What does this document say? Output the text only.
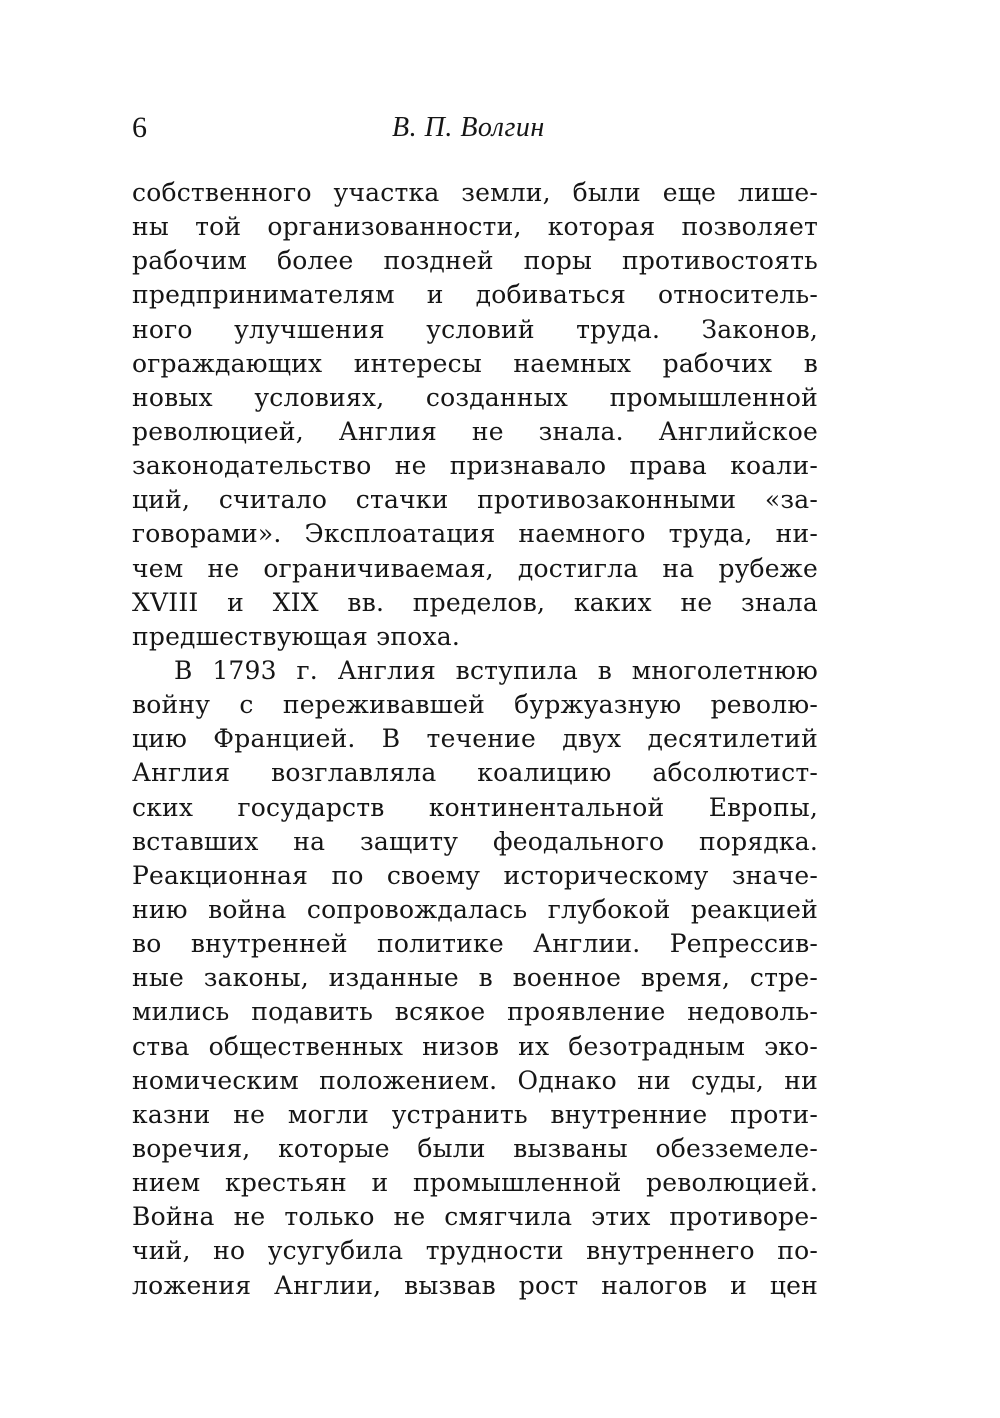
6	В. П. Волгин
собственного участка земли, были еще лише-
ны той организованности, которая позволяет
рабочим более поздней поры противостоять
предпринимателям и добиваться относитель-
ного улучшения условий труда. Законов,
ограждающих интересы наемных рабочих в
новых условиях, созданных промышленной
революцией, Англия не знала. Английское
законодательство не признавало права коали-
ций, считало стачки противозаконными «за-
говорами». Эксплоатация наемного труда, ни-
чем не ограничиваемая, достигла на рубеже
XVIII и XIX вв. пределов, каких не знала
предшествующая эпоха.
В 1793 г. Англия вступила в многолетнюю
войну с переживавшей буржуазную револю-
цию Францией. В течение двух десятилетий
Англия возглавляла коалицию абсолютист-
ских государств континентальной Европы,
вставших на защиту феодального порядка.
Реакционная по своему историческому значе-
нию война сопровождалась глубокой реакцией
во внутренней политике Англии. Репрессив-
ные законы, изданные в военное время, стре-
мились подавить всякое проявление недоволь-
ства общественных низов их безотрадным эко-
номическим положением. Однако ни суды, ни
казни не могли устранить внутренние проти-
воречия, которые были вызваны обезземеле-
нием крестьян и промышленной революцией.
Война не только не смягчила этих противоре-
чий, но усугубила трудности внутреннего по-
ложения Англии, вызвав рост налогов и цен
